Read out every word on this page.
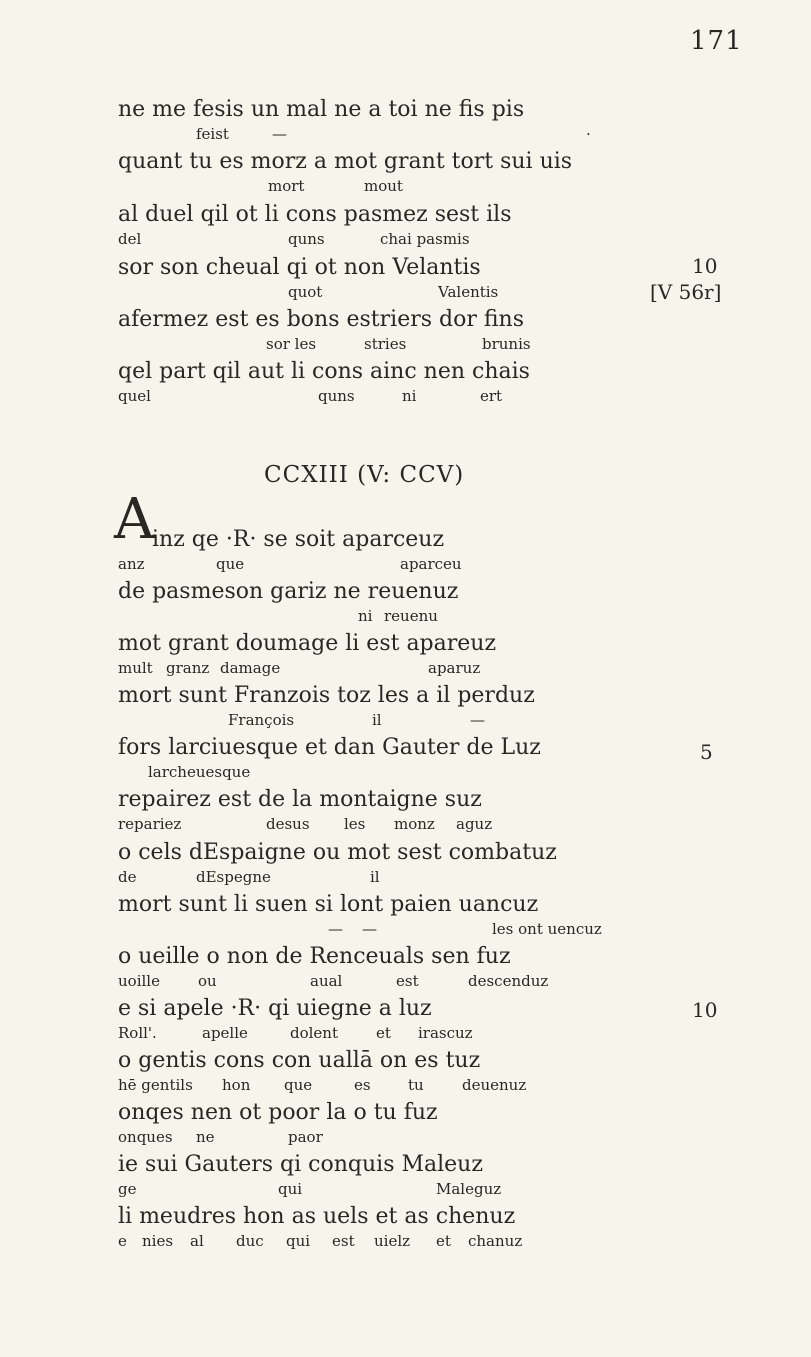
171
ne me fesis un mal ne a toi ne fis pis
feist	—	·
quant tu es morz a mot grant tort sui uis
mort	mout
al duel qil ot li cons pasmez sest ils
del	quns	chai pasmis
sor son cheual qi ot non Velantis
quot	Valentis
10
[V 56r]
afermez est es bons estriers dor fins
sor les	stries	brunis
qel part qil aut li cons ainc nen chais
quel	quns	ni	ert
CCXIII (V: CCV)
A
inz qe ·R· se soit aparceuz
anz	que	aparceu
de pasmeson gariz ne reuenuz
ni reuenu
mot grant doumage li est apareuz
mult granz damage	aparuz
mort sunt Franzois toz les a il perduz
François	il	—
fors larciuesque et dan Gauter de Luz
larcheuesque
5
repairez est de la montaigne suz
repariez	desus les monz aguz
o cels dEspaigne ou mot sest combatuz
de	dEspegne	il
mort sunt li suen si lont paien uancuz
— —	les ont uencuz
o ueille o non de Renceuals sen fuz
uoille	ou	aual	est	descenduz
e si apele ·R· qi uiegne a luz
Roll'.	apelle	dolent	et irascuz
10
o gentis cons con uallā on es tuz
hē gentils hon que	es tu	deuenuz
onqes nen ot poor la o tu fuz
onques ne	paor
ie sui Gauters qi conquis Maleuz
ge	qui	Maleguz
li meudres hon as uels et as chenuz
e nies al duc qui est uielz et chanuz
